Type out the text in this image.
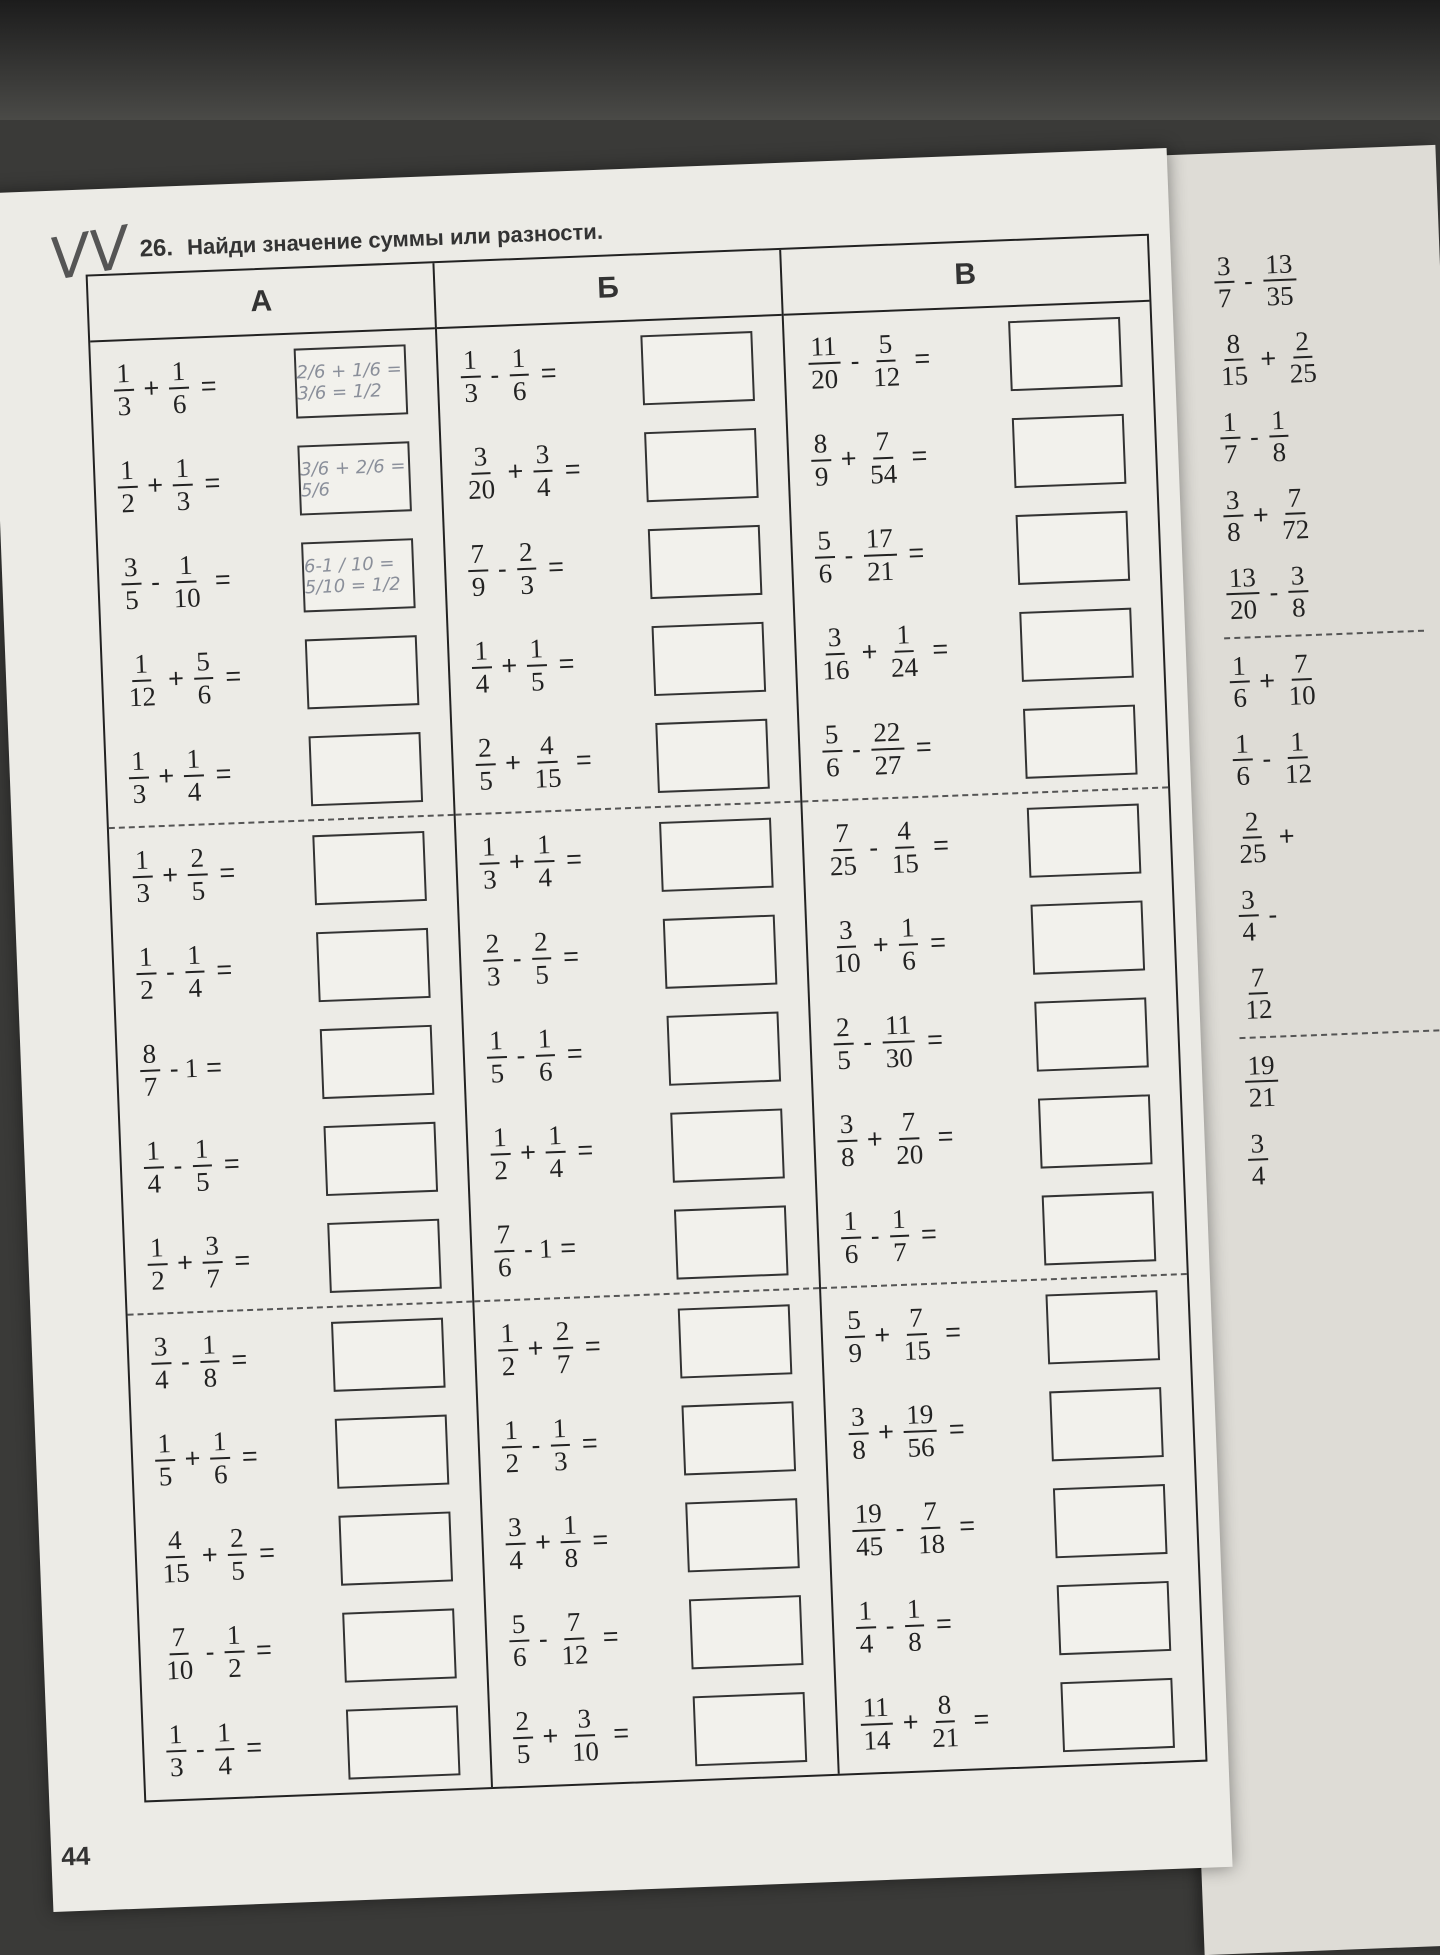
$\frac{3}{7} - \frac{13}{35}$
$\frac{8}{15} + \frac{2}{25}$
$\frac{1}{7} - \frac{1}{8}$
$\frac{3}{8} + \frac{7}{72}$
$\frac{13}{20} - \frac{3}{8}$
$\frac{1}{6} + \frac{7}{10}$
$\frac{1}{6} - \frac{1}{12}$
$\frac{2}{25}$ +
$\frac{3}{4}$ -
$\frac{7}{12}$
$\frac{19}{21}$
$\frac{3}{4}$
VV 26. Найди значение суммы или разности.
А
$\frac{1}{3} + \frac{1}{6}$ =
2/6 + 1/6 = 3/6 = 1/2
$\frac{1}{2} + \frac{1}{3}$ =
3/6 + 2/6 = 5/6
$\frac{3}{5} - \frac{1}{10}$ =	6-1 / 10 = 5/10 = 1/2
$\frac{1}{12} + \frac{5}{6}$ =
$\frac{1}{3} + \frac{1}{4}$ =
$\frac{1}{3} + \frac{2}{5}$ =
$\frac{1}{2} - \frac{1}{4}$ =
$\frac{8}{7} - 1$ =
$\frac{1}{4} - \frac{1}{5}$ =
$\frac{1}{2} + \frac{3}{7}$ =
$\frac{3}{4} - \frac{1}{8}$ =
$\frac{1}{5} + \frac{1}{6}$ =
$\frac{4}{15} + \frac{2}{5}$ =
$\frac{7}{10} - \frac{1}{2}$ =
$\frac{1}{3} - \frac{1}{4}$ =
Б
$\frac{1}{3} - \frac{1}{6}$ =
$\frac{3}{20} + \frac{3}{4}$ =
$\frac{7}{9} - \frac{2}{3}$ =
$\frac{1}{4} + \frac{1}{5}$ =
$\frac{2}{5} + \frac{4}{15}$ =
$\frac{1}{3} + \frac{1}{4}$ =
$\frac{2}{3} - \frac{2}{5}$ =
$\frac{1}{5} - \frac{1}{6}$ =
$\frac{1}{2} + \frac{1}{4}$ =
$\frac{7}{6} - 1$ =
$\frac{1}{2} + \frac{2}{7}$ =
$\frac{1}{2} - \frac{1}{3}$ =
$\frac{3}{4} + \frac{1}{8}$ =
$\frac{5}{6} - \frac{7}{12}$ =
$\frac{2}{5} + \frac{3}{10}$ =
В
$\frac{11}{20} - \frac{5}{12}$ =
$\frac{8}{9} + \frac{7}{54}$ =
$\frac{5}{6} - \frac{17}{21}$ =
$\frac{3}{16} + \frac{1}{24}$ =
$\frac{5}{6} - \frac{22}{27}$ =
$\frac{7}{25} - \frac{4}{15}$ =
$\frac{3}{10} + \frac{1}{6}$ =
$\frac{2}{5} - \frac{11}{30}$ =
$\frac{3}{8} + \frac{7}{20}$ =
$\frac{1}{6} - \frac{1}{7}$ =
$\frac{5}{9} + \frac{7}{15}$ =
$\frac{3}{8} + \frac{19}{56}$ =
$\frac{19}{45} - \frac{7}{18}$ =
$\frac{1}{4} - \frac{1}{8}$ =
$\frac{11}{14} + \frac{8}{21}$ =
44
